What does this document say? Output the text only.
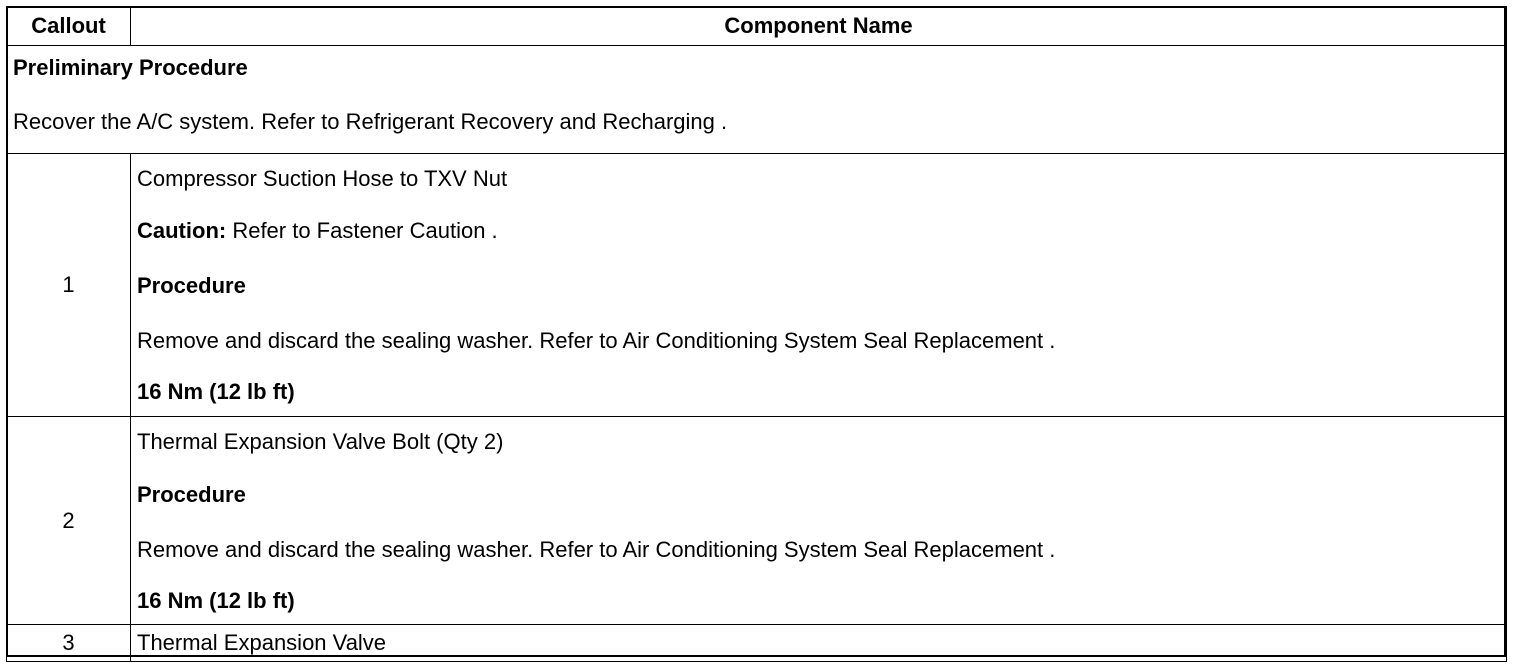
Callout	Component Name

Preliminary Procedure
Recover the A/C system. Refer to Refrigerant Recovery and Recharging .	

1	Compressor Suction Hose to TXV Nut
Caution: Refer to Fastener Caution .
Procedure
Remove and discard the sealing washer. Refer to Air Conditioning System Seal Replacement .
16 Nm (12 lb ft)

2	Thermal Expansion Valve Bolt (Qty 2)
Procedure
Remove and discard the sealing washer. Refer to Air Conditioning System Seal Replacement .
16 Nm (12 lb ft)

3	Thermal Expansion Valve
